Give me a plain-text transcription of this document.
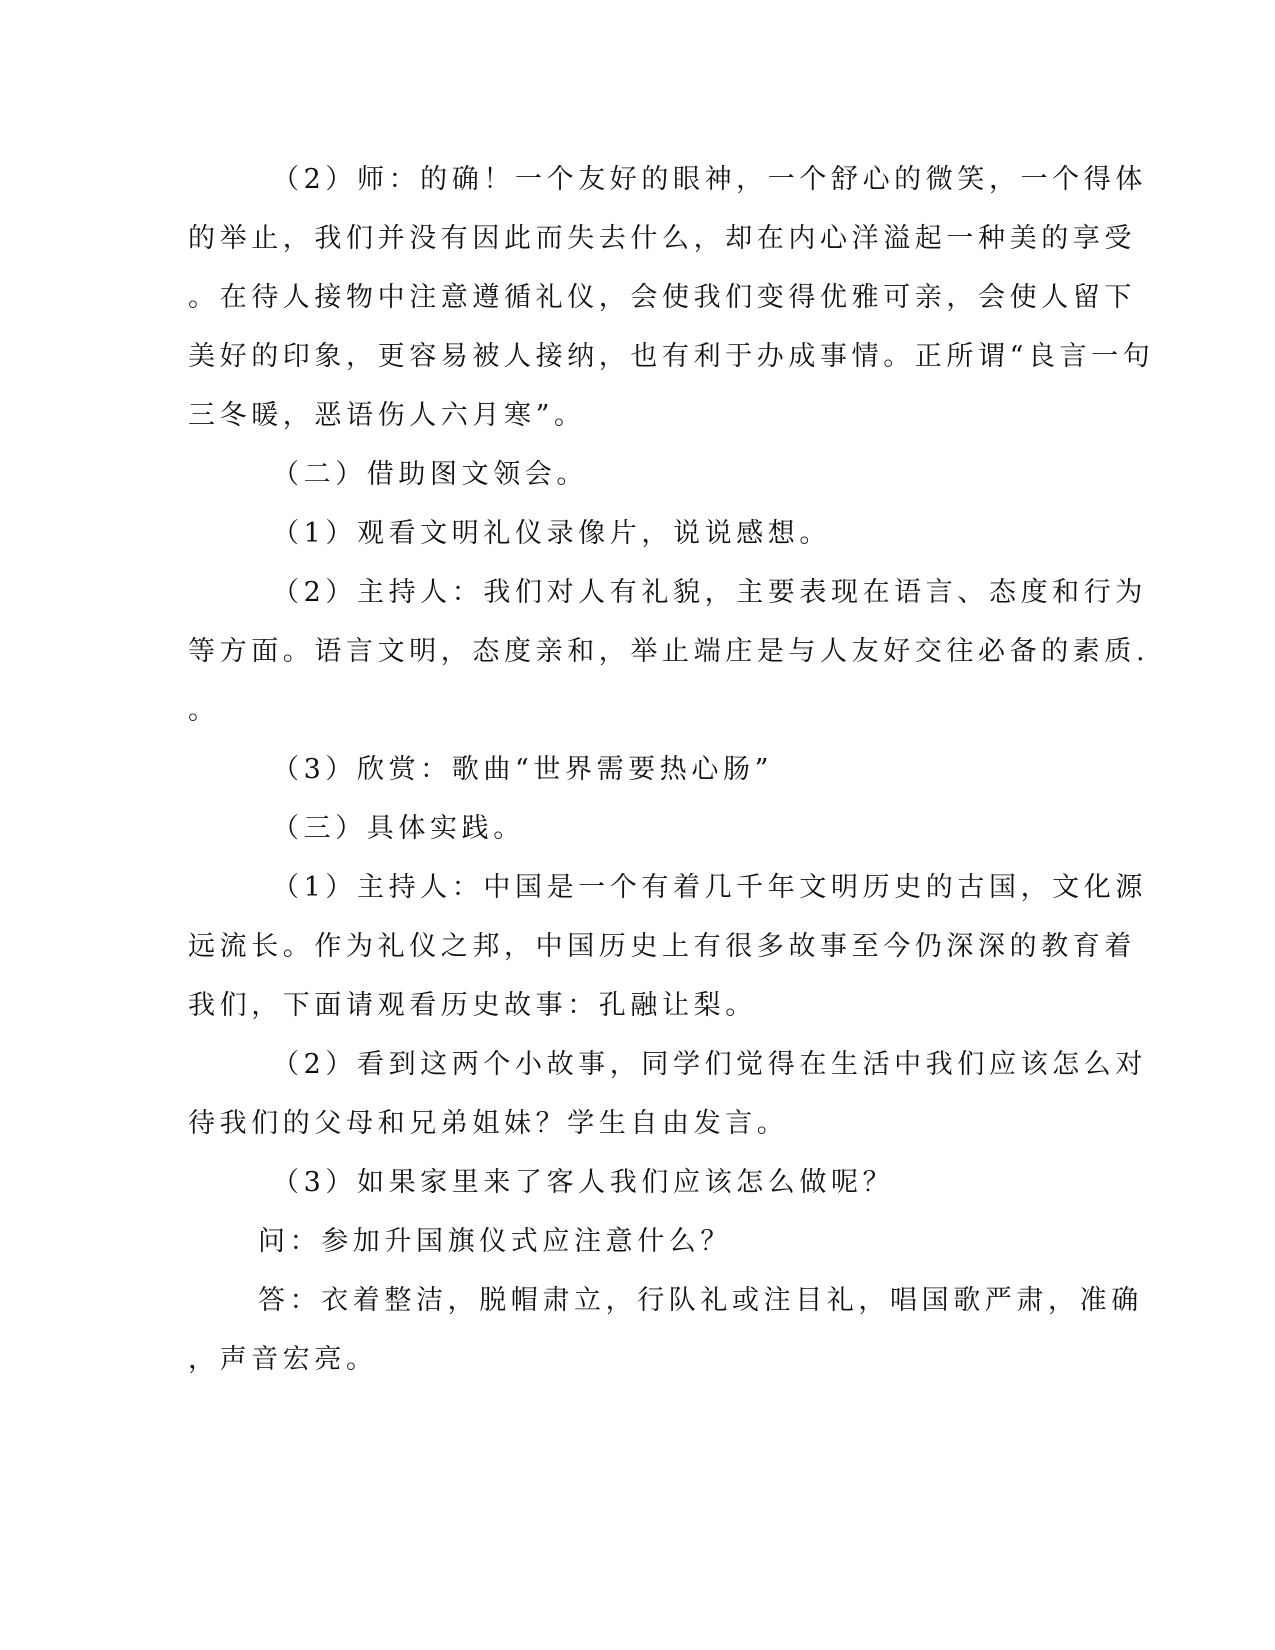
（2）师：的确！一个友好的眼神，一个舒心的微笑，一个得体
的举止，我们并没有因此而失去什么，却在内心洋溢起一种美的享受
。在待人接物中注意遵循礼仪，会使我们变得优雅可亲，会使人留下
美好的印象，更容易被人接纳，也有利于办成事情。正所谓“良言一句
三冬暖，恶语伤人六月寒”。
（二）借助图文领会。
（1）观看文明礼仪录像片，说说感想。
（2）主持人：我们对人有礼貌，主要表现在语言、态度和行为
等方面。语言文明，态度亲和，举止端庄是与人友好交往必备的素质.
。
（3）欣赏：歌曲“世界需要热心肠”
（三）具体实践。
（1）主持人：中国是一个有着几千年文明历史的古国，文化源
远流长。作为礼仪之邦，中国历史上有很多故事至今仍深深的教育着
我们，下面请观看历史故事：孔融让梨。
（2）看到这两个小故事，同学们觉得在生活中我们应该怎么对
待我们的父母和兄弟姐妹？学生自由发言。
（3）如果家里来了客人我们应该怎么做呢？
问：参加升国旗仪式应注意什么？
答：衣着整洁，脱帽肃立，行队礼或注目礼，唱国歌严肃，准确
，声音宏亮。
